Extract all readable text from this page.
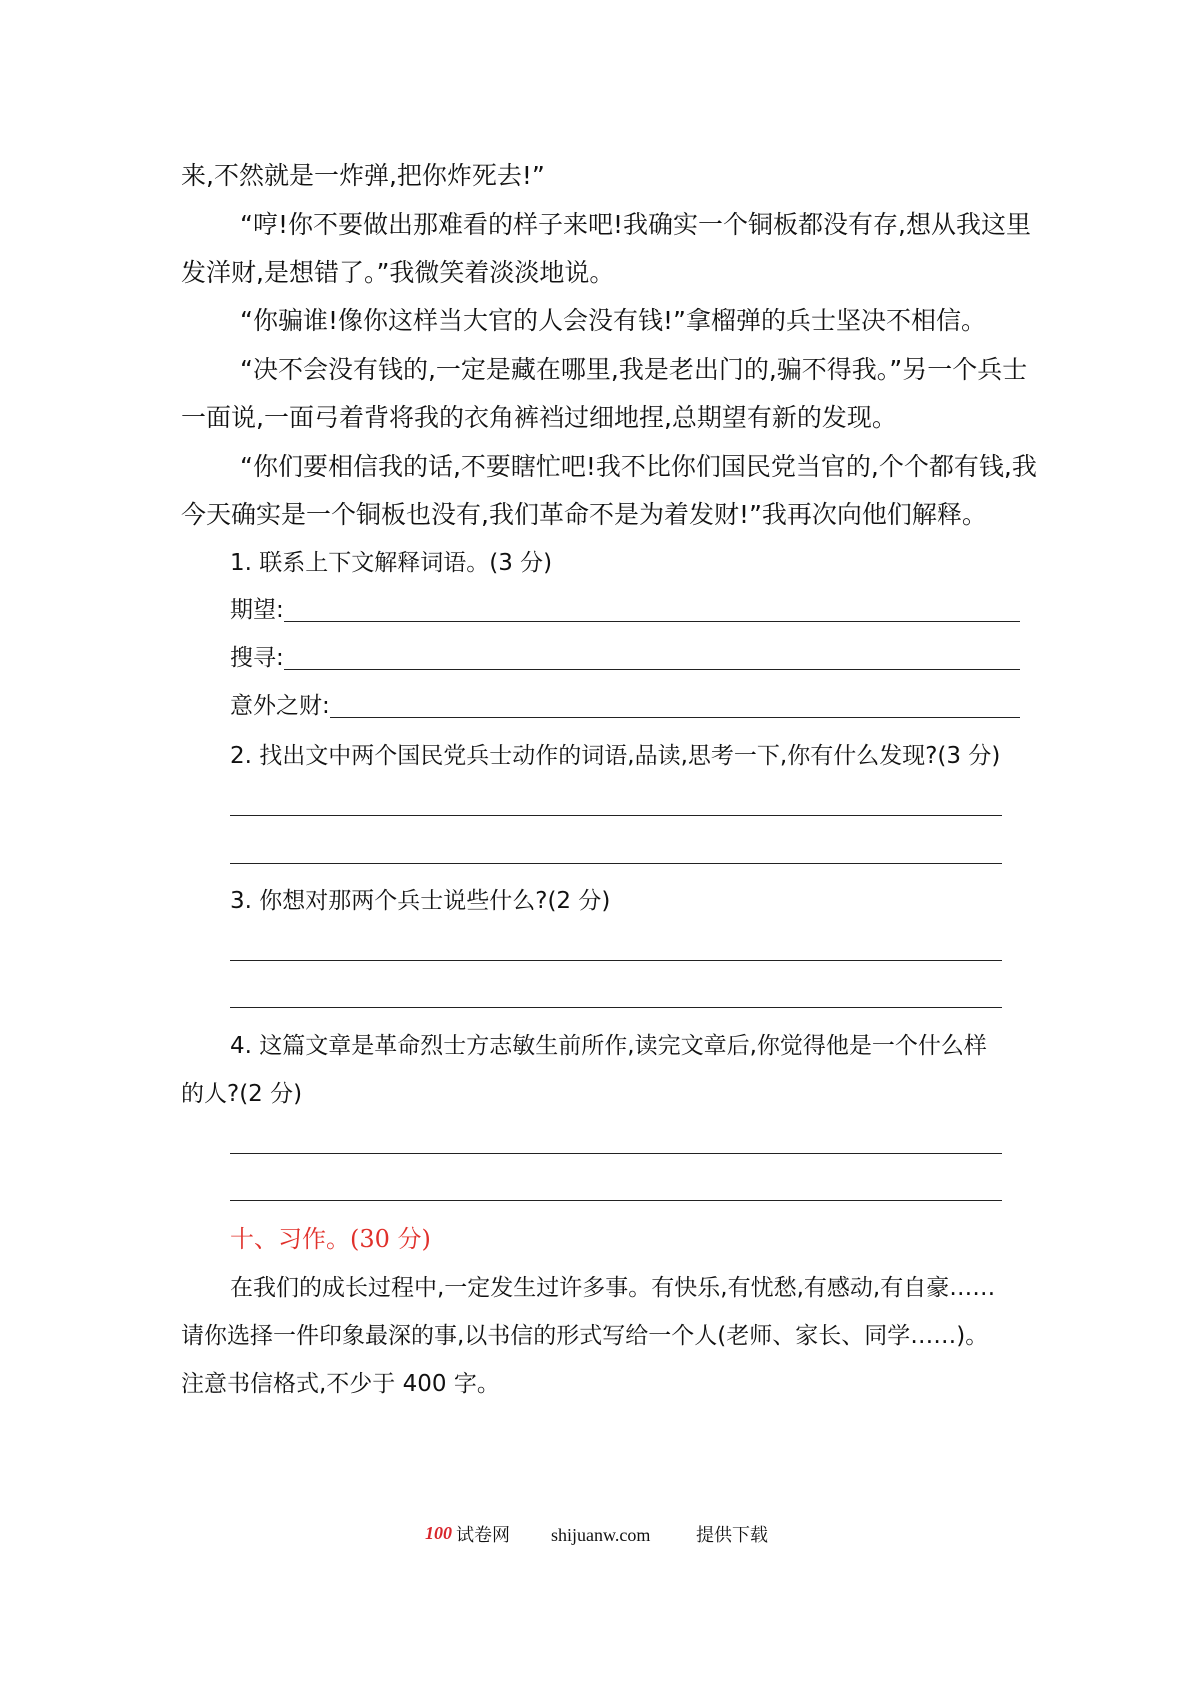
来,不然就是一炸弹,把你炸死去!”
“哼!你不要做出那难看的样子来吧!我确实一个铜板都没有存,想从我这里
发洋财,是想错了。”我微笑着淡淡地说。
“你骗谁!像你这样当大官的人会没有钱!”拿榴弹的兵士坚决不相信。
“决不会没有钱的,一定是藏在哪里,我是老出门的,骗不得我。”另一个兵士
一面说,一面弓着背将我的衣角裤裆过细地捏,总期望有新的发现。
“你们要相信我的话,不要瞎忙吧!我不比你们国民党当官的,个个都有钱,我
今天确实是一个铜板也没有,我们革命不是为着发财!”我再次向他们解释。
1. 联系上下文解释词语。(3 分)
期望:
搜寻:
意外之财:
2. 找出文中两个国民党兵士动作的词语,品读,思考一下,你有什么发现?(3 分)
3. 你想对那两个兵士说些什么?(2 分)
4. 这篇文章是革命烈士方志敏生前所作,读完文章后,你觉得他是一个什么样
的人?(2 分)
十、习作。(30 分)
在我们的成长过程中,一定发生过许多事。有快乐,有忧愁,有感动,有自豪……
请你选择一件印象最深的事,以书信的形式写给一个人(老师、家长、同学……)。
注意书信格式,不少于 400 字。
100 试卷网 shijuanw.com	提供下载
